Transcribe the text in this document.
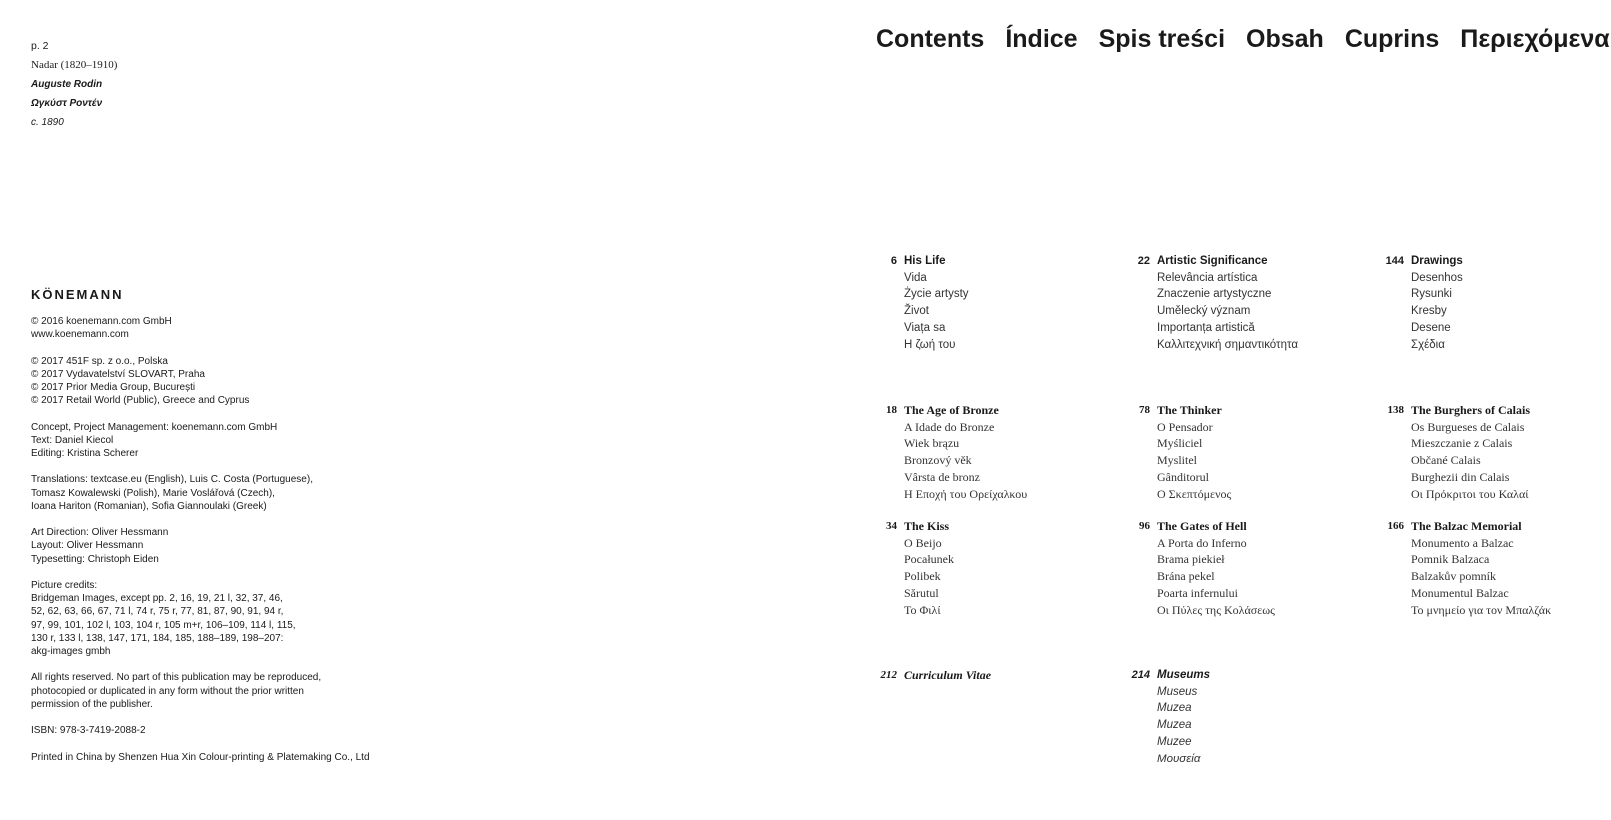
p. 2
Nadar (1820–1910)
Auguste Rodin
Ωγκύστ Ροντέν
c. 1890
KÖNEMANN
© 2016 koenemann.com GmbH
www.koenemann.com
© 2017 451F sp. z o.o., Polska
© 2017 Vydavatelství SLOVART, Praha
© 2017 Prior Media Group, București
© 2017 Retail World (Public), Greece and Cyprus
Concept, Project Management: koenemann.com GmbH
Text: Daniel Kiecol
Editing: Kristina Scherer
Translations: textcase.eu (English), Luis C. Costa (Portuguese),
Tomasz Kowalewski (Polish), Marie Voslářová (Czech),
Ioana Hariton (Romanian), Sofia Giannoulaki (Greek)
Art Direction: Oliver Hessmann
Layout: Oliver Hessmann
Typesetting: Christoph Eiden
Picture credits:
Bridgeman Images, except pp. 2, 16, 19, 21 l, 32, 37, 46,
52, 62, 63, 66, 67, 71 l, 74 r, 75 r, 77, 81, 87, 90, 91, 94 r,
97, 99, 101, 102 l, 103, 104 r, 105 m+r, 106–109, 114 l, 115,
130 r, 133 l, 138, 147, 171, 184, 185, 188–189, 198–207:
akg-images gmbh
All rights reserved. No part of this publication may be reproduced,
photocopied or duplicated in any form without the prior written
permission of the publisher.
ISBN: 978-3-7419-2088-2
Printed in China by Shenzen Hua Xin Colour-printing & Platemaking Co., Ltd
Contents Índice Spis treści Obsah Cuprins Περιεχόμενα
6 His Life
Vida
Życie artysty
Život
Viața sa
Η ζωή του
22 Artistic Significance
Relevância artística
Znaczenie artystyczne
Umělecký význam
Importanța artistică
Καλλιτεχνική σημαντικότητα
144 Drawings
Desenhos
Rysunki
Kresby
Desene
Σχέδια
18 The Age of Bronze
A Idade do Bronze
Wiek brązu
Bronzový věk
Vârsta de bronz
Η Εποχή του Ορείχαλκου
78 The Thinker
O Pensador
Myśliciel
Myslitel
Gânditorul
Ο Σκεπτόμενος
138 The Burghers of Calais
Os Burgueses de Calais
Mieszczanie z Calais
Občané Calais
Burghezii din Calais
Οι Πρόκριτοι του Καλαί
34 The Kiss
O Beijo
Pocałunek
Polibek
Sărutul
Το Φιλί
96 The Gates of Hell
A Porta do Inferno
Brama piekieł
Brána pekel
Poarta infernului
Οι Πύλες της Κολάσεως
166 The Balzac Memorial
Monumento a Balzac
Pomnik Balzaca
Balzakův pomník
Monumentul Balzac
Το μνημείο για τον Μπαλζάκ
212 Curriculum Vitae	214 Museums
Museus
Muzea
Muzea
Muzee
Μουσεία
